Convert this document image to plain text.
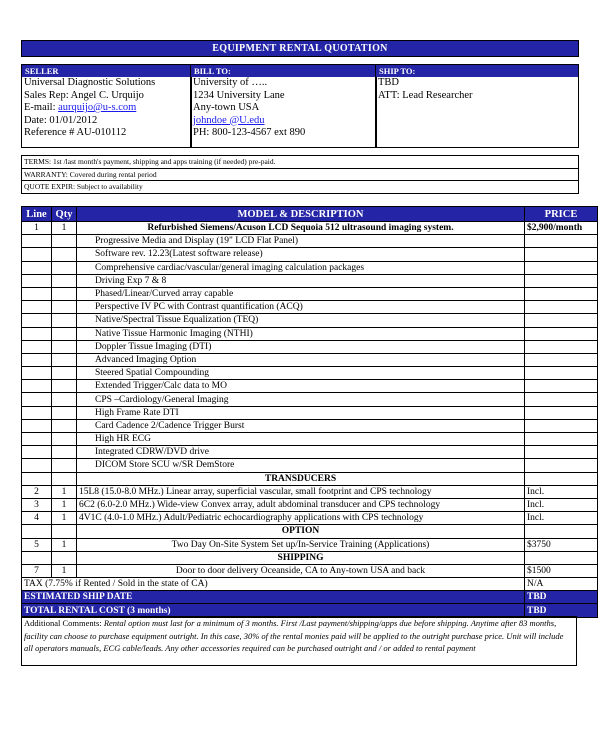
EQUIPMENT RENTAL QUOTATION
SELLER
Universal Diagnostic Solutions
Sales Rep: Angel C. Urquijo
E-mail: aurquijo@u-s.com
Date: 01/01/2012
Reference # AU-010112
BILL TO:
University of …..
1234 University Lane
Any-town USA
johndoe @U.edu
PH: 800-123-4567 ext 890
SHIP TO:
TBD
ATT: Lead Researcher
TERMS: 1st /last month's payment, shipping and apps training (if needed) pre-paid.
WARRANTY: Covered during rental period
QUOTE EXPIR: Subject to availability
Line	Qty	MODEL & DESCRIPTION	PRICE
1	1	Refurbished Siemens/Acuson LCD Sequoia 512 ultrasound imaging system.	$2,900/month
		Progressive Media and Display (19" LCD Flat Panel)	
		Software rev. 12.23(Latest software release)	
		Comprehensive cardiac/vascular/general imaging calculation packages	
		Driving Exp 7 & 8	
		Phased/Linear/Curved array capable	
		Perspective IV PC with Contrast quantification (ACQ)	
		Native/Spectral Tissue Equalization (TEQ)	
		Native Tissue Harmonic Imaging (NTHI)	
		Doppler Tissue Imaging (DTI)	
		Advanced Imaging Option	
		Steered Spatial Compounding	
		Extended Trigger/Calc data to MO	
		CPS –Cardiology/General Imaging	
		High Frame Rate DTI	
		Card Cadence 2/Cadence Trigger Burst	
		High HR ECG	
		Integrated CDRW/DVD drive	
		DICOM Store SCU w/SR DemStore	
		TRANSDUCERS	
2	1	15L8 (15.0-8.0 MHz.) Linear array, superficial vascular, small footprint and CPS technology	Incl.
3	1	6C2 (6.0-2.0 MHz.) Wide-view Convex array, adult abdominal transducer and CPS technology	Incl.
4	1	4V1C (4.0-1.0 MHz.) Adult/Pediatric echocardiography applications with CPS technology	Incl.
		OPTION	
5	1	Two Day On-Site System Set up/In-Service Training (Applications)	$3750
		SHIPPING	
7	1	Door to door delivery Oceanside, CA to Any-town USA and back	$1500
TAX (7.75% if Rented / Sold in the state of CA)			N/A
ESTIMATED SHIP DATE			TBD
TOTAL RENTAL COST (3 months)			TBD
Additional Comments: Rental option must last for a minimum of 3 months. First /Last payment/shipping/apps due before shipping. Anytime after 83 months, facility can choose to purchase equipment outright. In this case, 30% of the rental monies paid will be applied to the outright purchase price. Unit will include all operators manuals, ECG cable/leads. Any other accessories required can be purchased outright and / or added to rental payment
